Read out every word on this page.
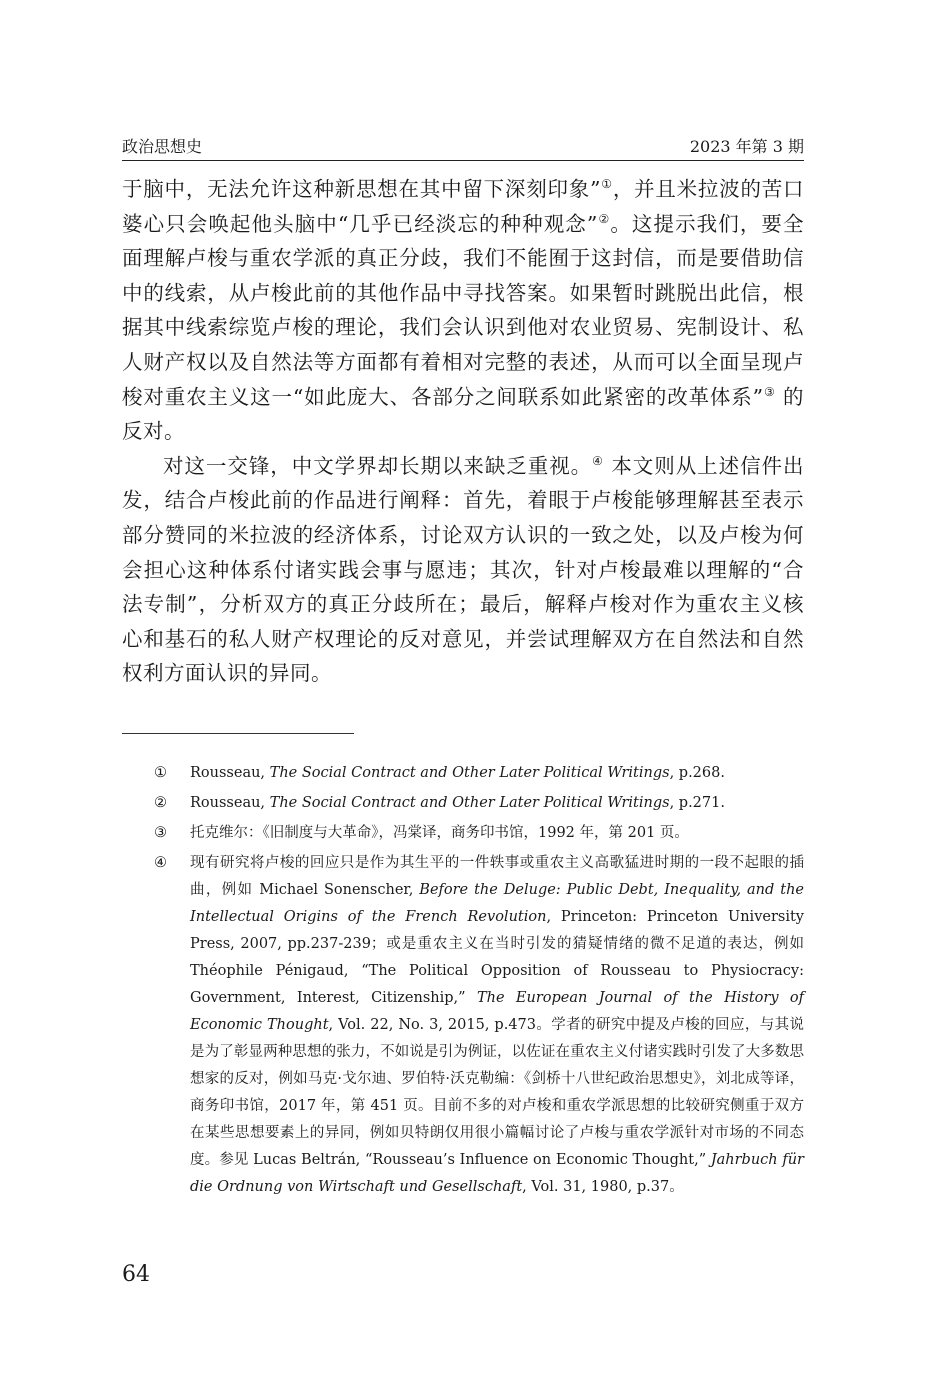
政治思想史	2023 年第 3 期

于脑中，无法允许这种新思想在其中留下深刻印象”①，并且米拉波的苦口婆心只会唤起他头脑中“几乎已经淡忘的种种观念”②。这提示我们，要全面理解卢梭与重农学派的真正分歧，我们不能囿于这封信，而是要借助信中的线索，从卢梭此前的其他作品中寻找答案。如果暂时跳脱出此信，根据其中线索综览卢梭的理论，我们会认识到他对农业贸易、宪制设计、私人财产权以及自然法等方面都有着相对完整的表述，从而可以全面呈现卢梭对重农主义这一“如此庞大、各部分之间联系如此紧密的改革体系”③ 的反对。

对这一交锋，中文学界却长期以来缺乏重视。④ 本文则从上述信件出发，结合卢梭此前的作品进行阐释：首先，着眼于卢梭能够理解甚至表示部分赞同的米拉波的经济体系，讨论双方认识的一致之处，以及卢梭为何会担心这种体系付诸实践会事与愿违；其次，针对卢梭最难以理解的“合法专制”，分析双方的真正分歧所在；最后，解释卢梭对作为重农主义核心和基石的私人财产权理论的反对意见，并尝试理解双方在自然法和自然权利方面认识的异同。

① Rousseau, The Social Contract and Other Later Political Writings, p.268.
② Rousseau, The Social Contract and Other Later Political Writings, p.271.
③ 托克维尔：《旧制度与大革命》，冯棠译，商务印书馆，1992 年，第 201 页。
④ 现有研究将卢梭的回应只是作为其生平的一件轶事或重农主义高歌猛进时期的一段不起眼的插曲，例如 Michael Sonenscher, Before the Deluge: Public Debt, Inequality, and the Intellectual Origins of the French Revolution, Princeton: Princeton University Press, 2007, pp.237-239；或是重农主义在当时引发的猜疑情绪的微不足道的表达，例如 Théophile Pénigaud, “The Political Opposition of Rousseau to Physiocracy: Government, Interest, Citizenship,” The European Journal of the History of Economic Thought, Vol. 22, No. 3, 2015, p.473。学者的研究中提及卢梭的回应，与其说是为了彰显两种思想的张力，不如说是引为例证，以佐证在重农主义付诸实践时引发了大多数思想家的反对，例如马克·戈尔迪、罗伯特·沃克勒编：《剑桥十八世纪政治思想史》，刘北成等译，商务印书馆，2017 年，第 451 页。目前不多的对卢梭和重农学派思想的比较研究侧重于双方在某些思想要素上的异同，例如贝特朗仅用很小篇幅讨论了卢梭与重农学派针对市场的不同态度。参见 Lucas Beltrán, “Rousseau’s Influence on Economic Thought,” Jahrbuch für die Ordnung von Wirtschaft und Gesellschaft, Vol. 31, 1980, p.37。
64
